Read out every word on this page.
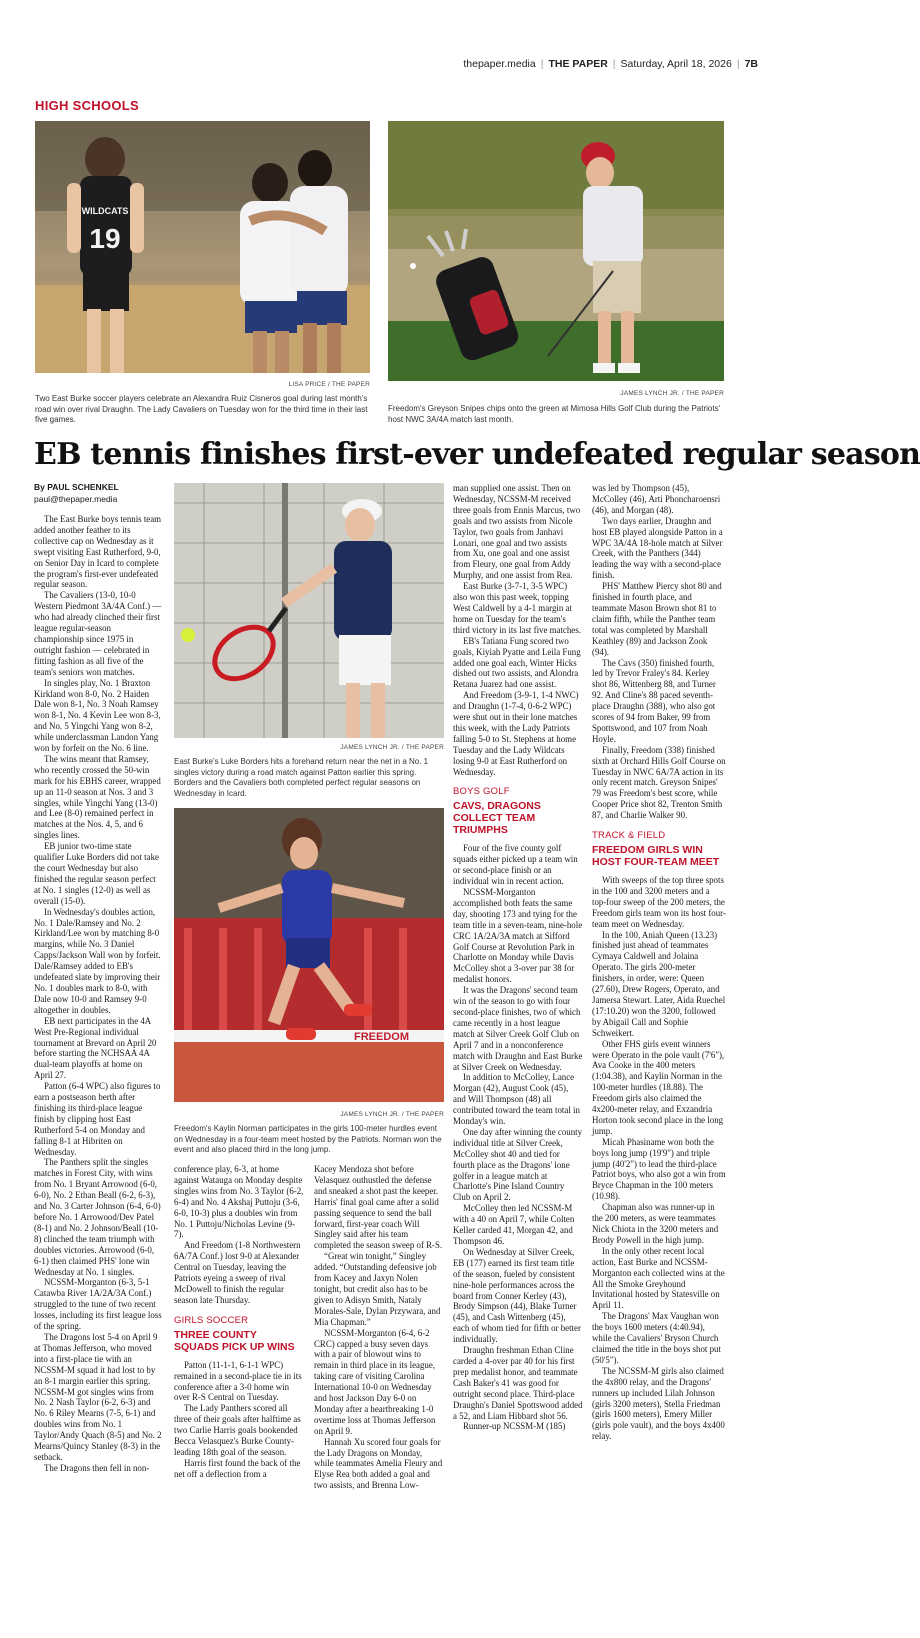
thepaper.media | THE PAPER | Saturday, April 18, 2026 | 7B
HIGH SCHOOLS
WILDCATS
19
LISA PRICE / THE PAPER
Two East Burke soccer players celebrate an Alexandra Ruiz Cisneros goal during last month's road win over rival Draughn. The Lady Cavaliers on Tuesday won for the third time in their last five games.
JAMES LYNCH JR. / THE PAPER
Freedom's Greyson Snipes chips onto the green at Mimosa Hills Golf Club during the Patriots' host NWC 3A/4A match last month.
EB tennis finishes first-ever undefeated regular season
By PAUL SCHENKEL
paul@thepaper.media

The East Burke boys tennis team added another feather to its collective cap on Wednesday as it swept visiting East Rutherford, 9-0, on Senior Day in Icard to complete the program's first-ever undefeated regular season.

The Cavaliers (13-0, 10-0 Western Piedmont 3A/4A Conf.) — who had already clinched their first league regular-season championship since 1975 in outright fashion — celebrated in fitting fashion as all five of the team's seniors won matches.

In singles play, No. 1 Braxton Kirkland won 8-0, No. 2 Haiden Dale won 8-1, No. 3 Noah Ramsey won 8-1, No. 4 Kevin Lee won 8-3, and No. 5 Yingchi Yang won 8-2, while underclassman Landon Yang won by forfeit on the No. 6 line.

The wins meant that Ramsey, who recently crossed the 50-win mark for his EBHS career, wrapped up an 11-0 season at Nos. 3 and 3 singles, while Yingchi Yang (13-0) and Lee (8-0) remained perfect in matches at the Nos. 4, 5, and 6 singles lines.

EB junior two-time state qualifier Luke Borders did not take the court Wednesday but also finished the regular season perfect at No. 1 singles (12-0) as well as overall (15-0).

In Wednesday's doubles action, No. 1 Dale/Ramsey and No. 2 Kirkland/Lee won by matching 8-0 margins, while No. 3 Daniel Capps/Jackson Wall won by forfeit. Dale/Ramsey added to EB's undefeated slate by improving their No. 1 doubles mark to 8-0, with Dale now 10-0 and Ramsey 9-0 altogether in doubles.

EB next participates in the 4A West Pre-Regional individual tournament at Brevard on April 20 before starting the NCHSAA 4A dual-team playoffs at home on April 27.

Patton (6-4 WPC) also figures to earn a postseason berth after finishing its third-place league finish by clipping host East Rutherford 5-4 on Monday and falling 8-1 at Hibriten on Wednesday.

The Panthers split the singles matches in Forest City, with wins from No. 1 Bryant Arrowood (6-0, 6-0), No. 2 Ethan Beall (6-2, 6-3), and No. 3 Carter Johnson (6-4, 6-0) before No. 1 Arrowood/Dev Patel (8-1) and No. 2 Johnson/Beall (10-8) clinched the team triumph with doubles victories. Arrowood (6-0, 6-1) then claimed PHS' lone win Wednesday at No. 1 singles.

NCSSM-Morganton (6-3, 5-1 Catawba River 1A/2A/3A Conf.) struggled to the tune of two recent losses, including its first league loss of the spring.

The Dragons lost 5-4 on April 9 at Thomas Jefferson, who moved into a first-place tie with an NCSSM-M squad it had lost to by an 8-1 margin earlier this spring. NCSSM-M got singles wins from No. 2 Nash Taylor (6-2, 6-3) and No. 6 Riley Mearns (7-5, 6-1) and doubles wins from No. 1 Taylor/Andy Quach (8-5) and No. 2 Mearns/Quincy Stanley (8-3) in the setback.

The Dragons then fell in non-

JAMES LYNCH JR. / THE PAPER
East Burke's Luke Borders hits a forehand return near the net in a No. 1 singles victory during a road match against Patton earlier this spring. Borders and the Cavaliers both completed perfect regular seasons on Wednesday in Icard.
FREEDOM
JAMES LYNCH JR. / THE PAPER
Freedom's Kaylin Norman participates in the girls 100-meter hurdles event on Wednesday in a four-team meet hosted by the Patriots. Norman won the event and also placed third in the long jump.

conference play, 6-3, at home against Watauga on Monday despite singles wins from No. 3 Taylor (6-2, 6-4) and No. 4 Akshaj Puttoju (3-6, 6-0, 10-3) plus a doubles win from No. 1 Puttoju/Nicholas Levine (9-7).

And Freedom (1-8 Northwestern 6A/7A Conf.) lost 9-0 at Alexander Central on Tuesday, leaving the Patriots eyeing a sweep of rival McDowell to finish the regular season late Thursday.

GIRLS SOCCER
THREE COUNTY SQUADS PICK UP WINS

Patton (11-1-1, 6-1-1 WPC) remained in a second-place tie in its conference after a 3-0 home win over R-S Central on Tuesday.

The Lady Panthers scored all three of their goals after halftime as two Carlie Harris goals bookended Becca Velasquez's Burke County-leading 18th goal of the season.

Harris first found the back of the net off a deflection from a

Kacey Mendoza shot before Velasquez outhustled the defense and sneaked a shot past the keeper. Harris' final goal came after a solid passing sequence to send the ball forward, first-year coach Will Singley said after his team completed the season sweep of R-S.

“Great win tonight,” Singley added. “Outstanding defensive job from Kacey and Jaxyn Nolen tonight, but credit also has to be given to Adisyn Smith, Nataly Morales-Sale, Dylan Przywara, and Mia Chapman.”

NCSSM-Morganton (6-4, 6-2 CRC) capped a busy seven days with a pair of blowout wins to remain in third place in its league, taking care of visiting Carolina International 10-0 on Wednesday and host Jackson Day 6-0 on Monday after a heartbreaking 1-0 overtime loss at Thomas Jefferson on April 9.

Hannah Xu scored four goals for the Lady Dragons on Monday, while teammates Amelia Fleury and Elyse Rea both added a goal and two assists, and Brenna Low-

man supplied one assist. Then on Wednesday, NCSSM-M received three goals from Ennis Marcus, two goals and two assists from Nicole Taylor, two goals from Janhavi Lonari, one goal and two assists from Xu, one goal and one assist from Fleury, one goal from Addy Murphy, and one assist from Rea.

East Burke (3-7-1, 3-5 WPC) also won this past week, topping West Caldwell by a 4-1 margin at home on Tuesday for the team's third victory in its last five matches.

EB's Tatiana Fung scored two goals, Kiyiah Pyatte and Leila Fung added one goal each, Winter Hicks dished out two assists, and Alondra Retana Juarez had one assist.

And Freedom (3-9-1, 1-4 NWC) and Draughn (1-7-4, 0-6-2 WPC) were shut out in their lone matches this week, with the Lady Patriots falling 5-0 to St. Stephens at home Tuesday and the Lady Wildcats losing 9-0 at East Rutherford on Wednesday.

BOYS GOLF
CAVS, DRAGONS COLLECT TEAM TRIUMPHS

Four of the five county golf squads either picked up a team win or second-place finish or an individual win in recent action.

NCSSM-Morganton accomplished both feats the same day, shooting 173 and tying for the team title in a seven-team, nine-hole CRC 1A/2A/3A match at Sifford Golf Course at Revolution Park in Charlotte on Monday while Davis McColley shot a 3-over par 38 for medalist honors.

It was the Dragons' second team win of the season to go with four second-place finishes, two of which came recently in a host league match at Silver Creek Golf Club on April 7 and in a nonconference match with Draughn and East Burke at Silver Creek on Wednesday.

In addition to McColley, Lance Morgan (42), August Cook (45), and Will Thompson (48) all contributed toward the team total in Monday's win.

One day after winning the county individual title at Silver Creek, McColley shot 40 and tied for fourth place as the Dragons' lone golfer in a league match at Charlotte's Pine Island Country Club on April 2.

McColley then led NCSSM-M with a 40 on April 7, while Colten Keller carded 41, Morgan 42, and Thompson 46.

On Wednesday at Silver Creek, EB (177) earned its first team title of the season, fueled by consistent nine-hole performances across the board from Conner Kerley (43), Brody Simpson (44), Blake Turner (45), and Cash Wittenberg (45), each of whom tied for fifth or better individually.

Draughn freshman Ethan Cline carded a 4-over par 40 for his first prep medalist honor, and teammate Cash Baker's 41 was good for outright second place. Third-place Draughn's Daniel Spottswood added a 52, and Liam Hibbard shot 56.

Runner-up NCSSM-M (185)

was led by Thompson (45), McColley (46), Arti Phoncharoensri (46), and Morgan (48).

Two days earlier, Draughn and host EB played alongside Patton in a WPC 3A/4A 18-hole match at Silver Creek, with the Panthers (344) leading the way with a second-place finish.

PHS' Matthew Piercy shot 80 and finished in fourth place, and teammate Mason Brown shot 81 to claim fifth, while the Panther team total was completed by Marshall Keathley (89) and Jackson Zook (94).

The Cavs (350) finished fourth, led by Trevor Fraley's 84. Kerley shot 86, Wittenberg 88, and Turner 92. And Cline's 88 paced seventh-place Draughn (388), who also got scores of 94 from Baker, 99 from Spottswood, and 107 from Noah Hoyle.

Finally, Freedom (338) finished sixth at Orchard Hills Golf Course on Tuesday in NWC 6A/7A action in its only recent match. Greyson Snipes' 79 was Freedom's best score, while Cooper Price shot 82, Trenton Smith 87, and Charlie Walker 90.

TRACK & FIELD
FREEDOM GIRLS WIN HOST FOUR-TEAM MEET

With sweeps of the top three spots in the 100 and 3200 meters and a top-four sweep of the 200 meters, the Freedom girls team won its host four-team meet on Wednesday.

In the 100, Aniah Queen (13.23) finished just ahead of teammates Cymaya Caldwell and Jolaina Operato. The girls 200-meter finishers, in order, were: Queen (27.60), Drew Rogers, Operato, and Jamersa Stewart. Later, Aida Ruechel (17:10.20) won the 3200, followed by Abigail Call and Sophie Schweikert.

Other FHS girls event winners were Operato in the pole vault (7'6"), Ava Cooke in the 400 meters (1:04.38), and Kaylin Norman in the 100-meter hurdles (18.88). The Freedom girls also claimed the 4x200-meter relay, and Exzandria Horton took second place in the long jump.

Micah Phasiname won both the boys long jump (19'9") and triple jump (40'2") to lead the third-place Patriot boys, who also got a win from Bryce Chapman in the 100 meters (10.98).

Chapman also was runner-up in the 200 meters, as were teammates Nick Chiota in the 3200 meters and Brody Powell in the high jump.

In the only other recent local action, East Burke and NCSSM-Morganton each collected wins at the All the Smoke Greyhound Invitational hosted by Statesville on April 11.

The Dragons' Max Vaughan won the boys 1600 meters (4:40.94), while the Cavaliers' Bryson Church claimed the title in the boys shot put (50'5").

The NCSSM-M girls also claimed the 4x800 relay, and the Dragons' runners up included Lilah Johnson (girls 3200 meters), Stella Friedman (girls 1600 meters), Emery Miller (girls pole vault), and the boys 4x400 relay.
